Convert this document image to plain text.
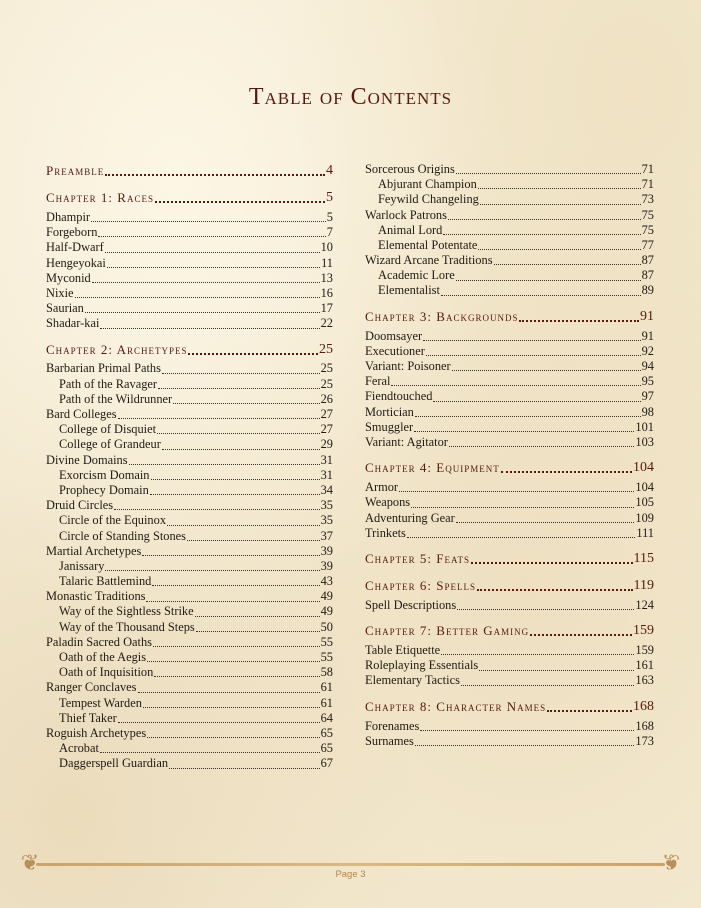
Table of Contents
Preamble	4
Chapter 1: Races	5
Dhampir	5
Forgeborn	7
Half-Dwarf	10
Hengeyokai	11
Myconid	13
Nixie	16
Saurian	17
Shadar-kai	22
Chapter 2: Archetypes	25
Barbarian Primal Paths	25
Path of the Ravager	25
Path of the Wildrunner	26
Bard Colleges	27
College of Disquiet	27
College of Grandeur	29
Divine Domains	31
Exorcism Domain	31
Prophecy Domain	34
Druid Circles	35
Circle of the Equinox	35
Circle of Standing Stones	37
Martial Archetypes	39
Janissary	39
Talaric Battlemind	43
Monastic Traditions	49
Way of the Sightless Strike	49
Way of the Thousand Steps	50
Paladin Sacred Oaths	55
Oath of the Aegis	55
Oath of Inquisition	58
Ranger Conclaves	61
Tempest Warden	61
Thief Taker	64
Roguish Archetypes	65
Acrobat	65
Daggerspell Guardian	67
Sorcerous Origins	71
Abjurant Champion	71
Feywild Changeling	73
Warlock Patrons	75
Animal Lord	75
Elemental Potentate	77
Wizard Arcane Traditions	87
Academic Lore	87
Elementalist	89
Chapter 3: Backgrounds	91
Doomsayer	91
Executioner	92
Variant: Poisoner	94
Feral	95
Fiendtouched	97
Mortician	98
Smuggler	101
Variant: Agitator	103
Chapter 4: Equipment	104
Armor	104
Weapons	105
Adventuring Gear	109
Trinkets	111
Chapter 5: Feats	115
Chapter 6: Spells	119
Spell Descriptions	124
Chapter 7: Better Gaming	159
Table Etiquette	159
Roleplaying Essentials	161
Elementary Tactics	163
Chapter 8: Character Names	168
Forenames	168
Surnames	173
❦	❦
Page 3
